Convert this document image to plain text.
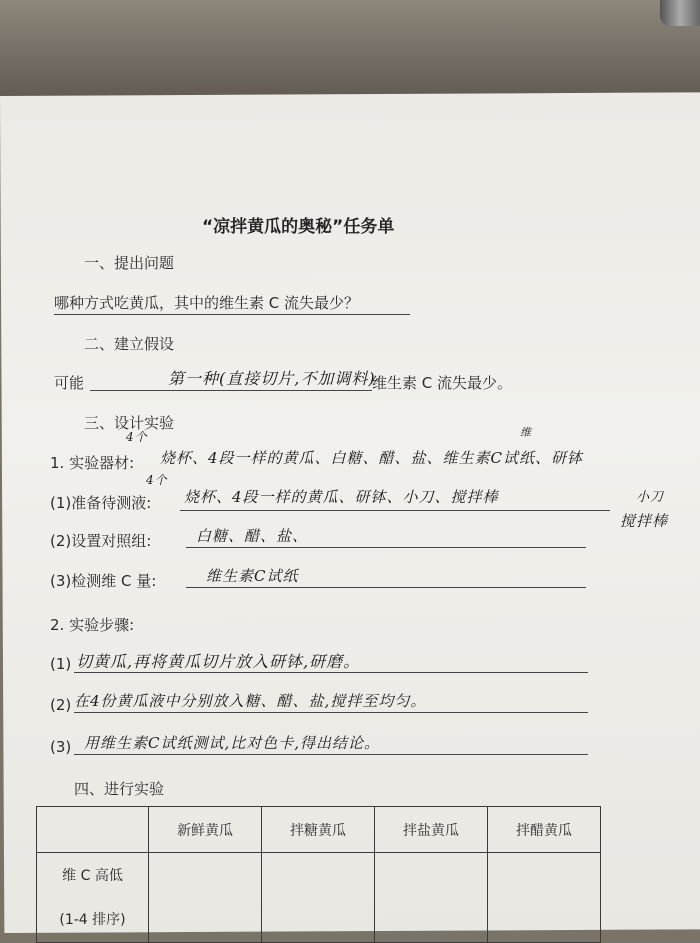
“凉拌黄瓜的奥秘”任务单
一、提出问题
哪种方式吃黄瓜，其中的维生素 C 流失最少？
二、建立假设
可能	第一种(直接切片,不加调料)
维生素 C 流失最少。
三、设计实验
4个	维
1. 实验器材: 烧杯、4段一样的黄瓜、白糖、醋、盐、维生素C试纸、研钵
4个
(1)准备待测液: 烧杯、4段一样的黄瓜、研钵、小刀、搅拌棒	小刀
搅拌棒
(2)设置对照组:	白糖、醋、盐、
(3)检测维 C 量:	维生素C试纸
2. 实验步骤:
(1) 切黄瓜,再将黄瓜切片放入研钵,研磨。
(2) 在4份黄瓜液中分别放入糖、醋、盐,搅拌至均匀。
(3) 用维生素C试纸测试,比对色卡,得出结论。
四、进行实验
	新鲜黄瓜	拌糖黄瓜	拌盐黄瓜	拌醋黄瓜

维 C 高低
(1-4 排序)				
